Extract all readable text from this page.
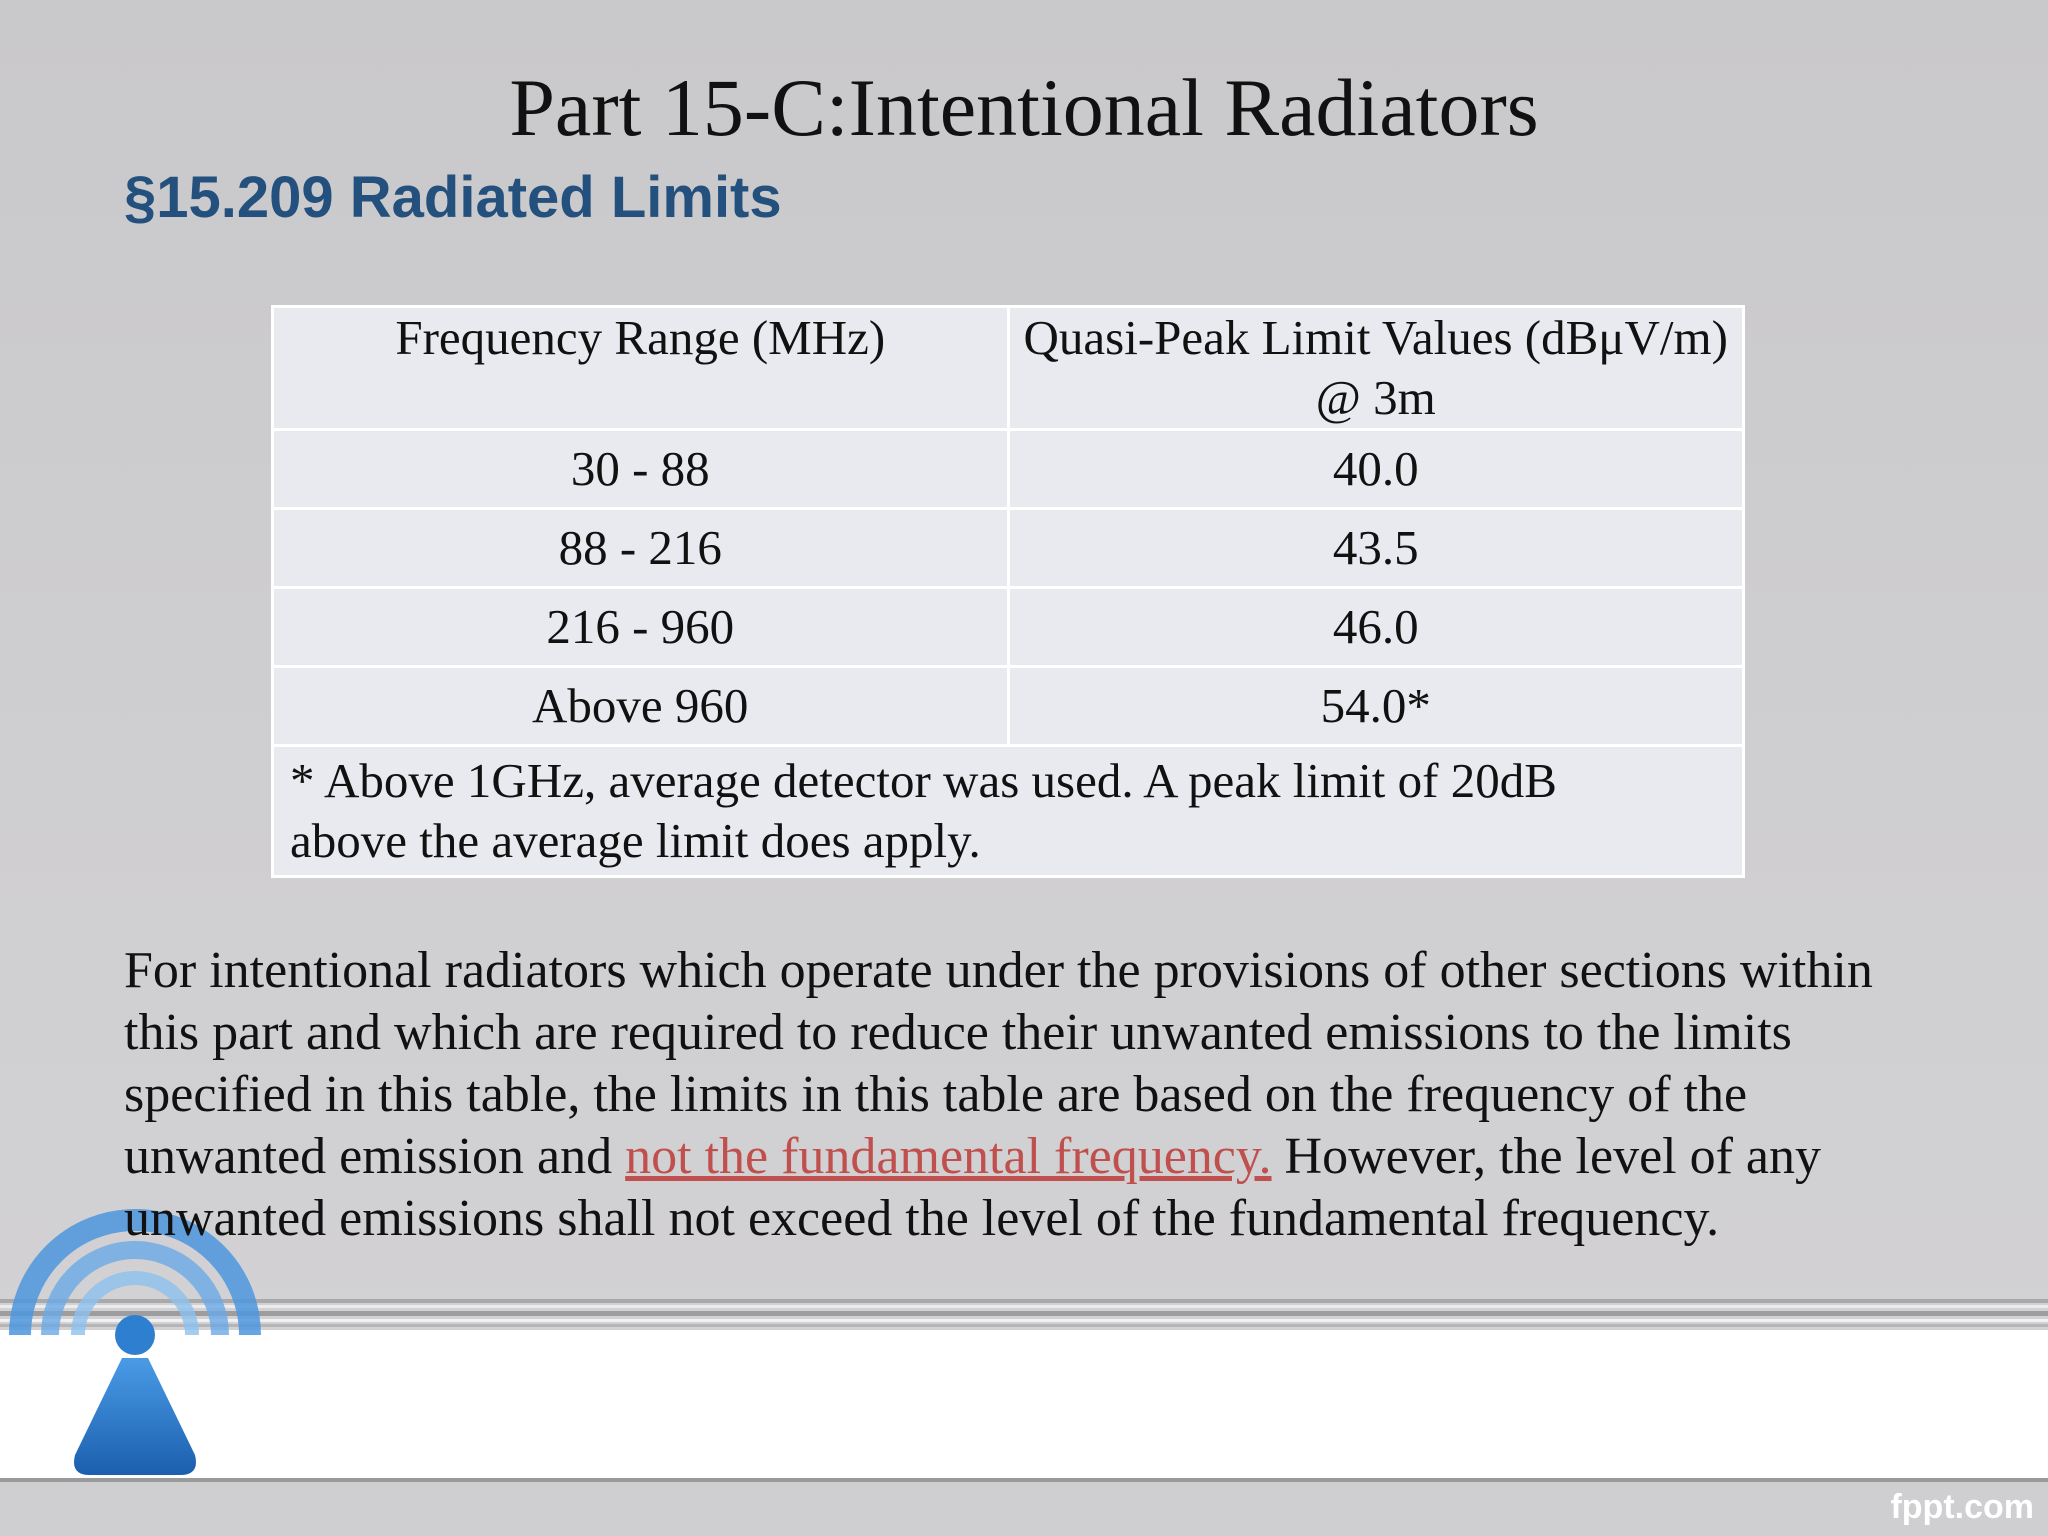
fppt.com
Part 15-C:Intentional Radiators
§15.209 Radiated Limits
Frequency Range (MHz)	Quasi-Peak Limit Values (dBμV/m) @ 3m
30 - 88	40.0
88 - 216	43.5
216 - 960	46.0
Above 960	54.0*
* Above 1GHz, average detector was used. A peak limit of 20dB
above the average limit does apply.	
For intentional radiators which operate under the provisions of other sections within this part and which are required to reduce their unwanted emissions to the limits specified in this table, the limits in this table are based on the frequency of the unwanted emission and not the fundamental frequency. However, the level of any unwanted emissions shall not exceed the level of the fundamental frequency.
